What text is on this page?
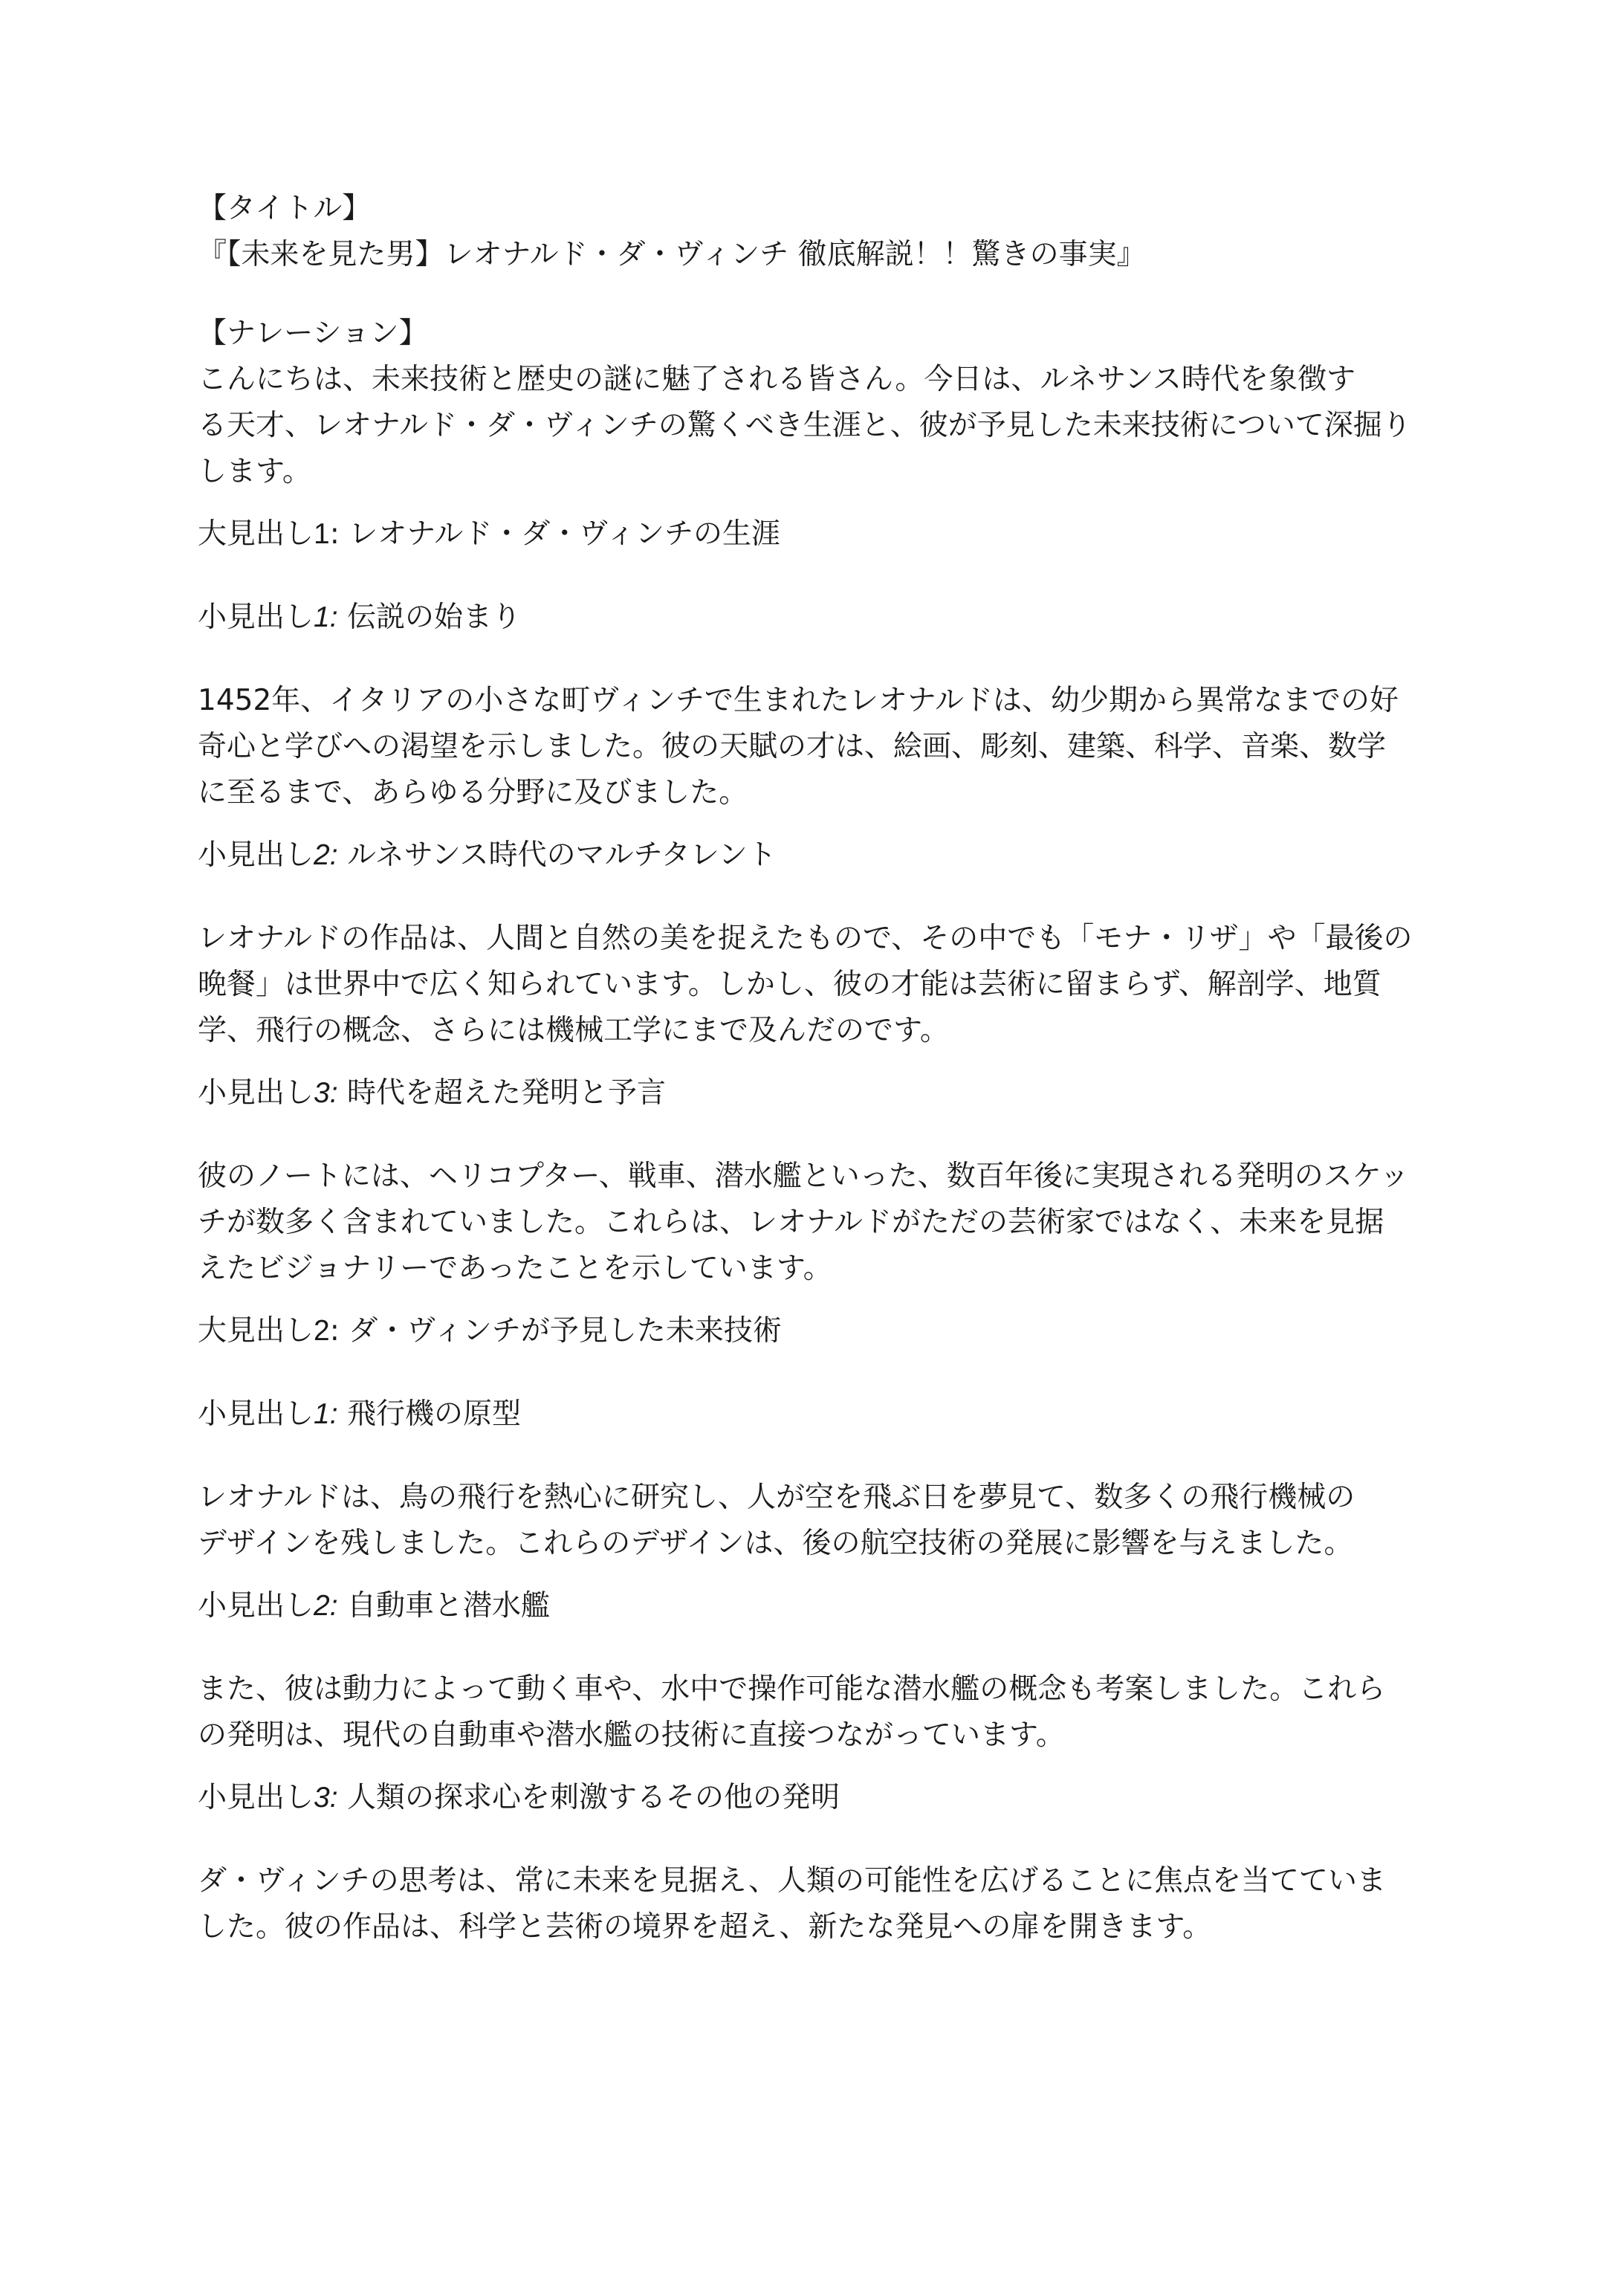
【タイトル】
『【未来を見た男】レオナルド・ダ・ヴィンチ 徹底解説！！驚きの事実』
【ナレーション】
こんにちは、未来技術と歴史の謎に魅了される皆さん。今日は、ルネサンス時代を象徴す
る天才、レオナルド・ダ・ヴィンチの驚くべき生涯と、彼が予見した未来技術について深掘り
します。
大見出し1: レオナルド・ダ・ヴィンチの生涯
小見出し1: 伝説の始まり
1452年、イタリアの小さな町ヴィンチで生まれたレオナルドは、幼少期から異常なまでの好
奇心と学びへの渇望を示しました。彼の天賦の才は、絵画、彫刻、建築、科学、音楽、数学
に至るまで、あらゆる分野に及びました。
小見出し2: ルネサンス時代のマルチタレント
レオナルドの作品は、人間と自然の美を捉えたもので、その中でも「モナ・リザ」や「最後の
晩餐」は世界中で広く知られています。しかし、彼の才能は芸術に留まらず、解剖学、地質
学、飛行の概念、さらには機械工学にまで及んだのです。
小見出し3: 時代を超えた発明と予言
彼のノートには、ヘリコプター、戦車、潜水艦といった、数百年後に実現される発明のスケッ
チが数多く含まれていました。これらは、レオナルドがただの芸術家ではなく、未来を見据
えたビジョナリーであったことを示しています。
大見出し2: ダ・ヴィンチが予見した未来技術
小見出し1: 飛行機の原型
レオナルドは、鳥の飛行を熱心に研究し、人が空を飛ぶ日を夢見て、数多くの飛行機械の
デザインを残しました。これらのデザインは、後の航空技術の発展に影響を与えました。
小見出し2: 自動車と潜水艦
また、彼は動力によって動く車や、水中で操作可能な潜水艦の概念も考案しました。これら
の発明は、現代の自動車や潜水艦の技術に直接つながっています。
小見出し3: 人類の探求心を刺激するその他の発明
ダ・ヴィンチの思考は、常に未来を見据え、人類の可能性を広げることに焦点を当てていま
した。彼の作品は、科学と芸術の境界を超え、新たな発見への扉を開きます。
